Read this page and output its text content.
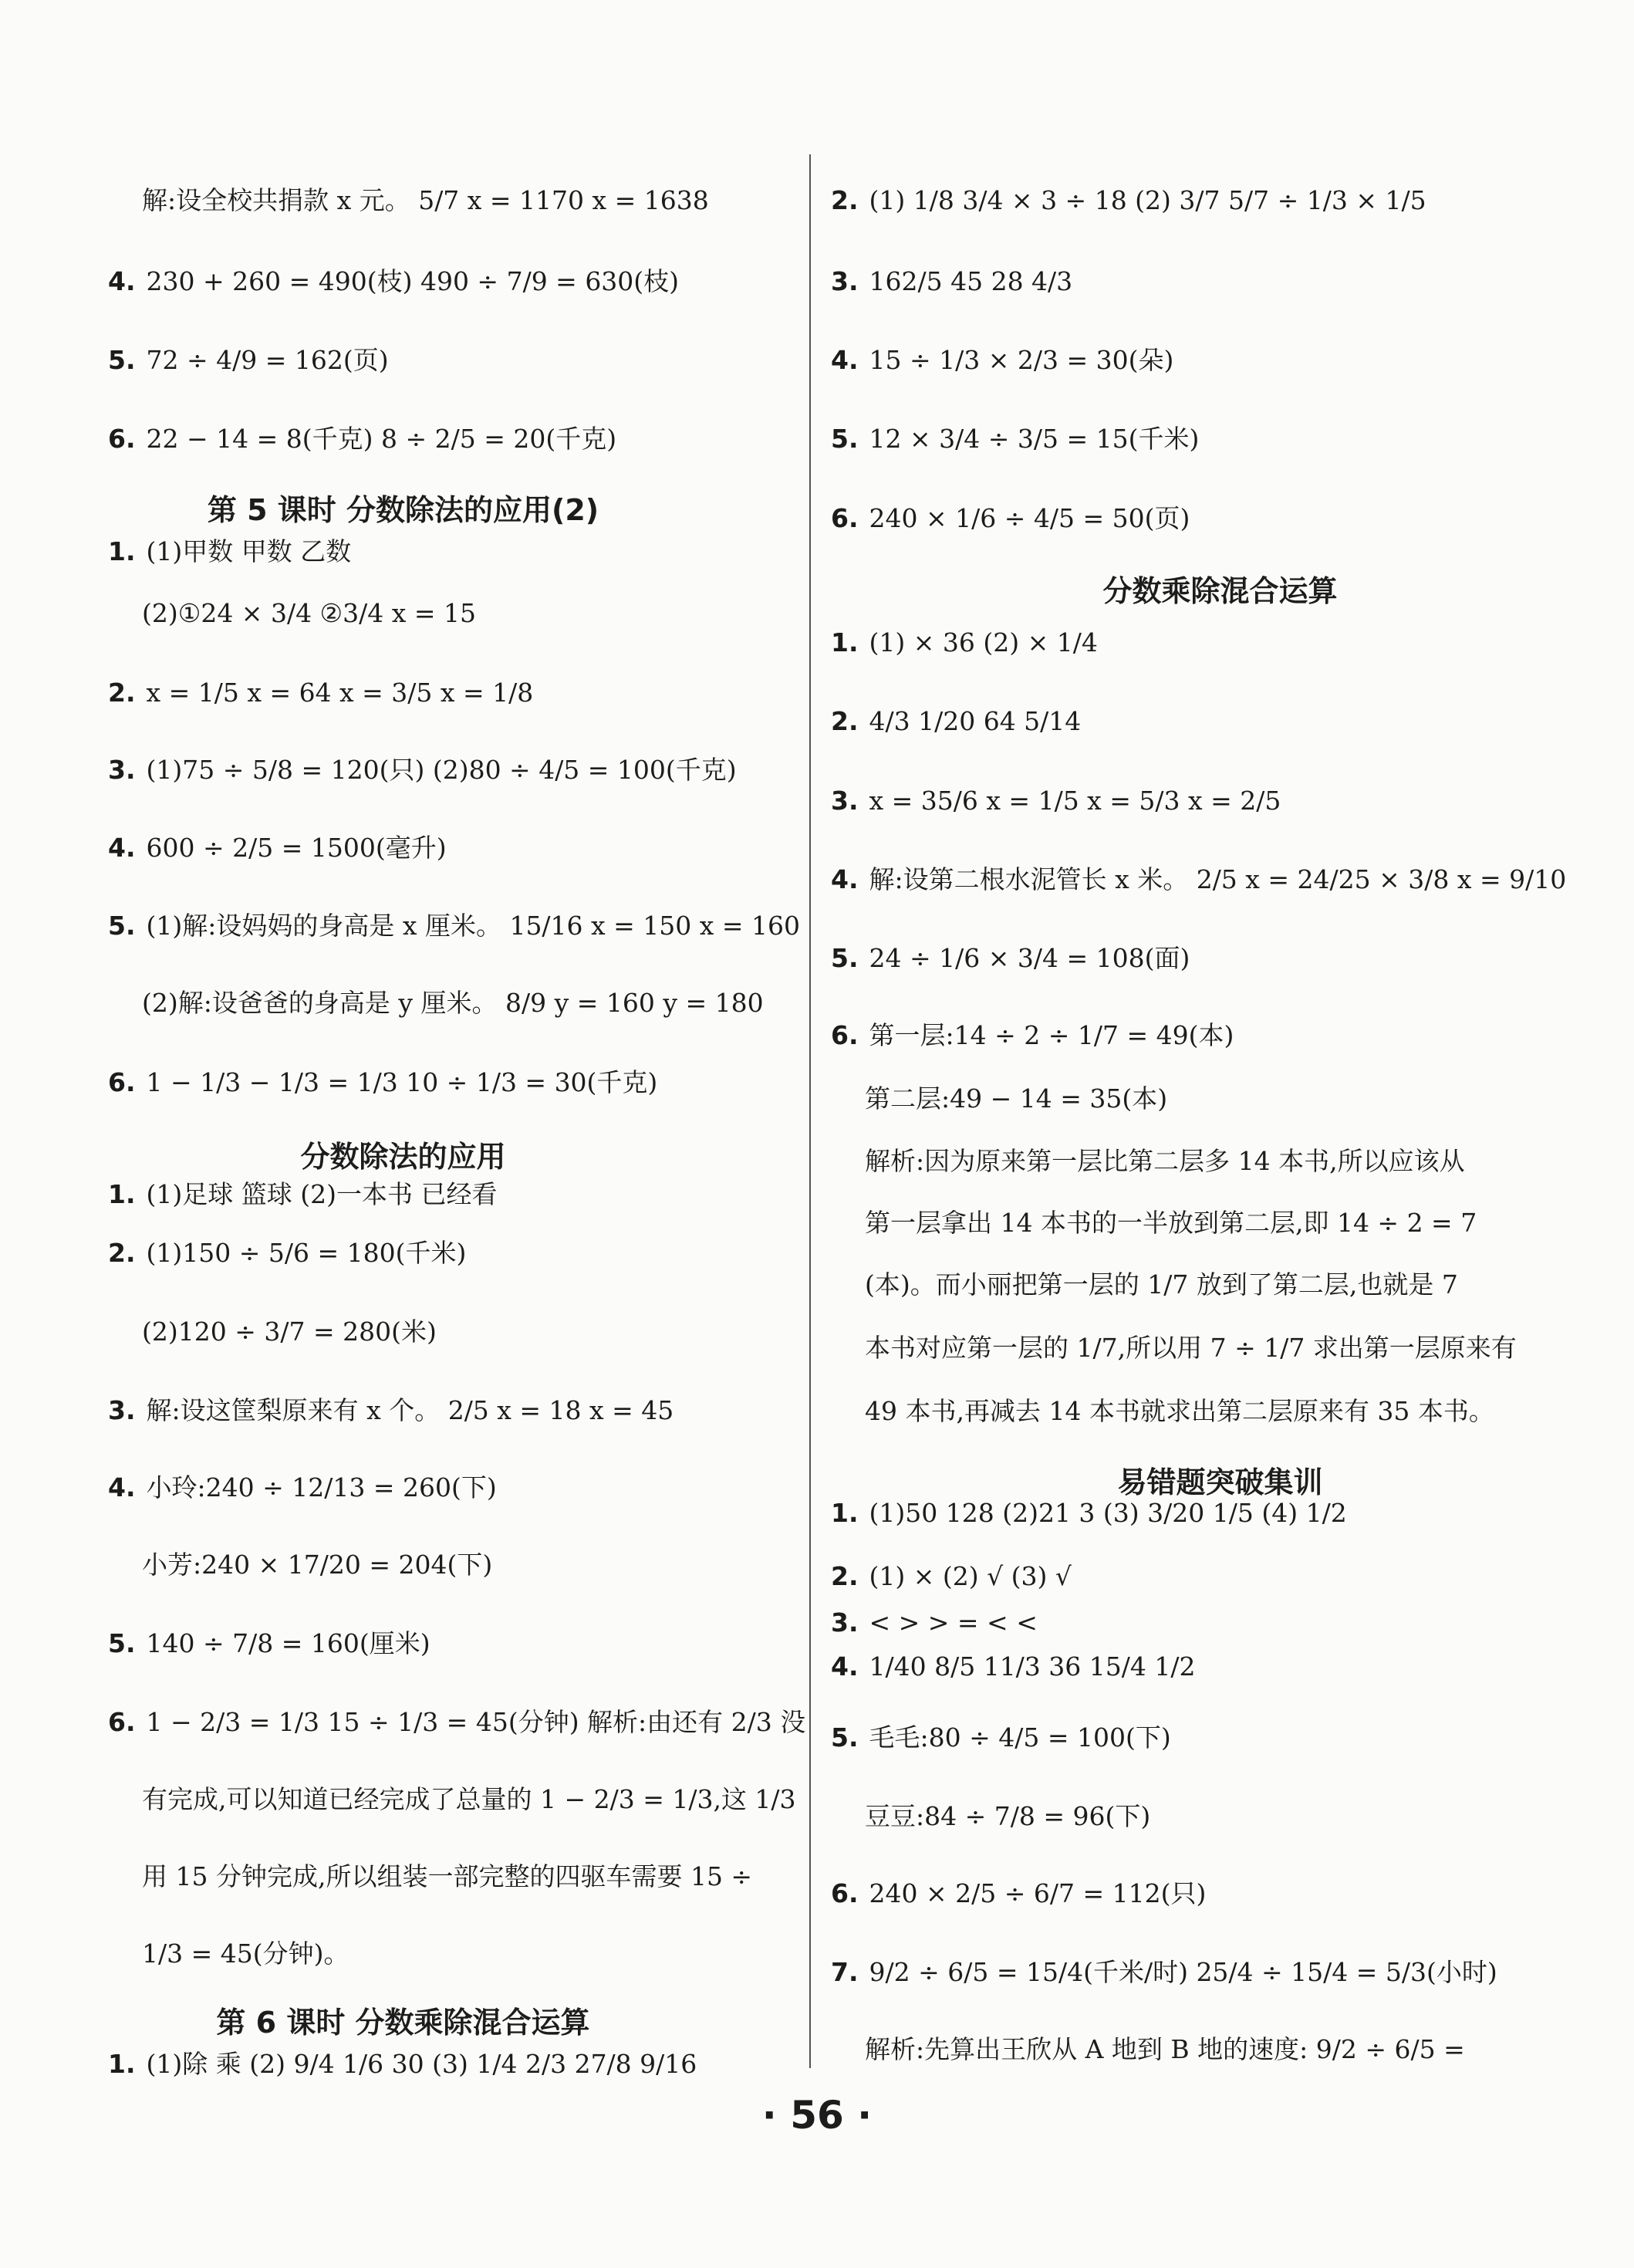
解:设全校共捐款 x 元。 5/7 x = 1170 x = 1638
4. 230 + 260 = 490(枝) 490 ÷ 7/9 = 630(枝)
5. 72 ÷ 4/9 = 162(页)
6. 22 − 14 = 8(千克) 8 ÷ 2/5 = 20(千克)
第 5 课时 分数除法的应用(2)
1. (1)甲数 甲数 乙数
(2)①24 × 3/4 ②3/4 x = 15
2. x = 1/5 x = 64 x = 3/5 x = 1/8
3. (1)75 ÷ 5/8 = 120(只) (2)80 ÷ 4/5 = 100(千克)
4. 600 ÷ 2/5 = 1500(毫升)
5. (1)解:设妈妈的身高是 x 厘米。 15/16 x = 150 x = 160
(2)解:设爸爸的身高是 y 厘米。 8/9 y = 160 y = 180
6. 1 − 1/3 − 1/3 = 1/3 10 ÷ 1/3 = 30(千克)
分数除法的应用
1. (1)足球 篮球 (2)一本书 已经看
2. (1)150 ÷ 5/6 = 180(千米)
(2)120 ÷ 3/7 = 280(米)
3. 解:设这筐梨原来有 x 个。 2/5 x = 18 x = 45
4. 小玲:240 ÷ 12/13 = 260(下)
小芳:240 × 17/20 = 204(下)
5. 140 ÷ 7/8 = 160(厘米)
6. 1 − 2/3 = 1/3 15 ÷ 1/3 = 45(分钟) 解析:由还有 2/3 没
有完成,可以知道已经完成了总量的 1 − 2/3 = 1/3,这 1/3
用 15 分钟完成,所以组装一部完整的四驱车需要 15 ÷
1/3 = 45(分钟)。
第 6 课时 分数乘除混合运算
1. (1)除 乘 (2) 9/4 1/6 30 (3) 1/4 2/3 27/8 9/16
2. (1) 1/8 3/4 × 3 ÷ 18 (2) 3/7 5/7 ÷ 1/3 × 1/5
3. 162/5 45 28 4/3
4. 15 ÷ 1/3 × 2/3 = 30(朵)
5. 12 × 3/4 ÷ 3/5 = 15(千米)
6. 240 × 1/6 ÷ 4/5 = 50(页)
分数乘除混合运算
1. (1) × 36 (2) × 1/4
2. 4/3 1/20 64 5/14
3. x = 35/6 x = 1/5 x = 5/3 x = 2/5
4. 解:设第二根水泥管长 x 米。 2/5 x = 24/25 × 3/8 x = 9/10
5. 24 ÷ 1/6 × 3/4 = 108(面)
6. 第一层:14 ÷ 2 ÷ 1/7 = 49(本)
第二层:49 − 14 = 35(本)
解析:因为原来第一层比第二层多 14 本书,所以应该从
第一层拿出 14 本书的一半放到第二层,即 14 ÷ 2 = 7
(本)。而小丽把第一层的 1/7 放到了第二层,也就是 7
本书对应第一层的 1/7,所以用 7 ÷ 1/7 求出第一层原来有
49 本书,再减去 14 本书就求出第二层原来有 35 本书。
易错题突破集训
1. (1)50 128 (2)21 3 (3) 3/20 1/5 (4) 1/2
2. (1) × (2) √ (3) √
3. < > > = < <
4. 1/40 8/5 11/3 36 15/4 1/2
5. 毛毛:80 ÷ 4/5 = 100(下)
豆豆:84 ÷ 7/8 = 96(下)
6. 240 × 2/5 ÷ 6/7 = 112(只)
7. 9/2 ÷ 6/5 = 15/4(千米/时) 25/4 ÷ 15/4 = 5/3(小时)
解析:先算出王欣从 A 地到 B 地的速度: 9/2 ÷ 6/5 =
· 56 ·
